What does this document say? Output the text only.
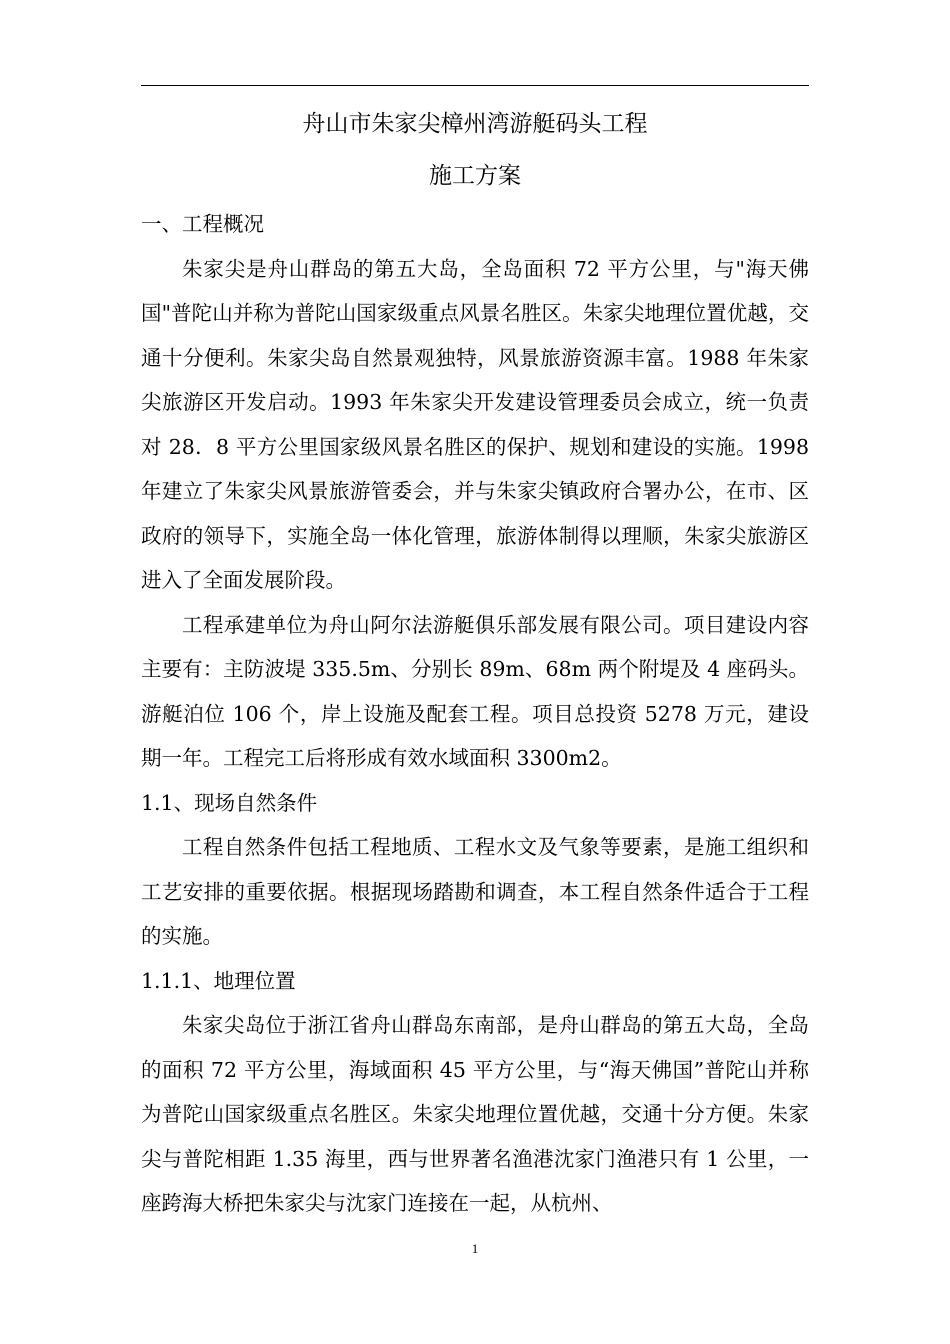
舟山市朱家尖樟州湾游艇码头工程

施工方案

一、工程概况

朱家尖是舟山群岛的第五大岛，全岛面积 72 平方公里，与"海天佛国"普陀山并称为普陀山国家级重点风景名胜区。朱家尖地理位置优越，交通十分便利。朱家尖岛自然景观独特，风景旅游资源丰富。1988 年朱家尖旅游区开发启动。1993 年朱家尖开发建设管理委员会成立，统一负责对 28．8 平方公里国家级风景名胜区的保护、规划和建设的实施。1998 年建立了朱家尖风景旅游管委会，并与朱家尖镇政府合署办公，在市、区政府的领导下，实施全岛一体化管理，旅游体制得以理顺，朱家尖旅游区进入了全面发展阶段。

工程承建单位为舟山阿尔法游艇俱乐部发展有限公司。项目建设内容主要有：主防波堤 335.5m、分别长 89m、68m 两个附堤及 4 座码头。游艇泊位 106 个，岸上设施及配套工程。项目总投资 5278 万元，建设期一年。工程完工后将形成有效水域面积 3300m2。

1.1、现场自然条件

工程自然条件包括工程地质、工程水文及气象等要素，是施工组织和工艺安排的重要依据。根据现场踏勘和调查，本工程自然条件适合于工程的实施。

1.1.1、地理位置

朱家尖岛位于浙江省舟山群岛东南部，是舟山群岛的第五大岛，全岛的面积 72 平方公里，海域面积 45 平方公里，与“海天佛国”普陀山并称为普陀山国家级重点名胜区。朱家尖地理位置优越，交通十分方便。朱家尖与普陀相距 1.35 海里，西与世界著名渔港沈家门渔港只有 1 公里，一座跨海大桥把朱家尖与沈家门连接在一起，从杭州、

1
